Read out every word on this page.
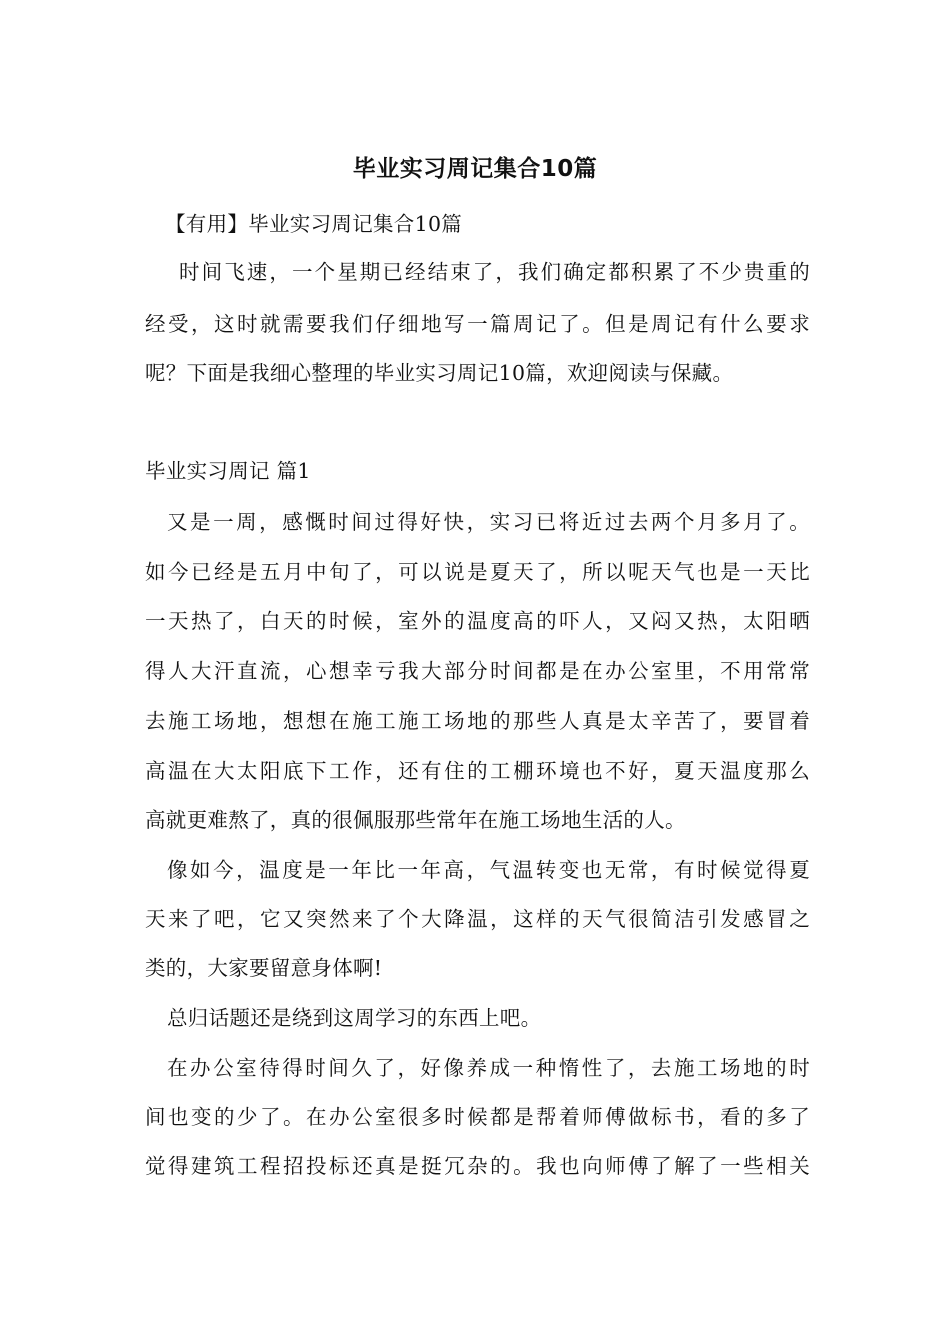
毕业实习周记集合10篇

【有用】毕业实习周记集合10篇

时间飞速，一个星期已经结束了，我们确定都积累了不少贵重的

经受，这时就需要我们仔细地写一篇周记了。但是周记有什么要求

呢？下面是我细心整理的毕业实习周记10篇，欢迎阅读与保藏。

毕业实习周记 篇1

又是一周，感慨时间过得好快，实习已将近过去两个月多月了。

如今已经是五月中旬了，可以说是夏天了，所以呢天气也是一天比

一天热了，白天的时候，室外的温度高的吓人，又闷又热，太阳晒

得人大汗直流，心想幸亏我大部分时间都是在办公室里，不用常常

去施工场地，想想在施工施工场地的那些人真是太辛苦了，要冒着

高温在大太阳底下工作，还有住的工棚环境也不好，夏天温度那么

高就更难熬了，真的很佩服那些常年在施工场地生活的人。

像如今，温度是一年比一年高，气温转变也无常，有时候觉得夏

天来了吧，它又突然来了个大降温，这样的天气很简洁引发感冒之

类的，大家要留意身体啊!

总归话题还是绕到这周学习的东西上吧。

在办公室待得时间久了，好像养成一种惰性了，去施工场地的时

间也变的少了。在办公室很多时候都是帮着师傅做标书，看的多了

觉得建筑工程招投标还真是挺冗杂的。我也向师傅了解了一些相关
